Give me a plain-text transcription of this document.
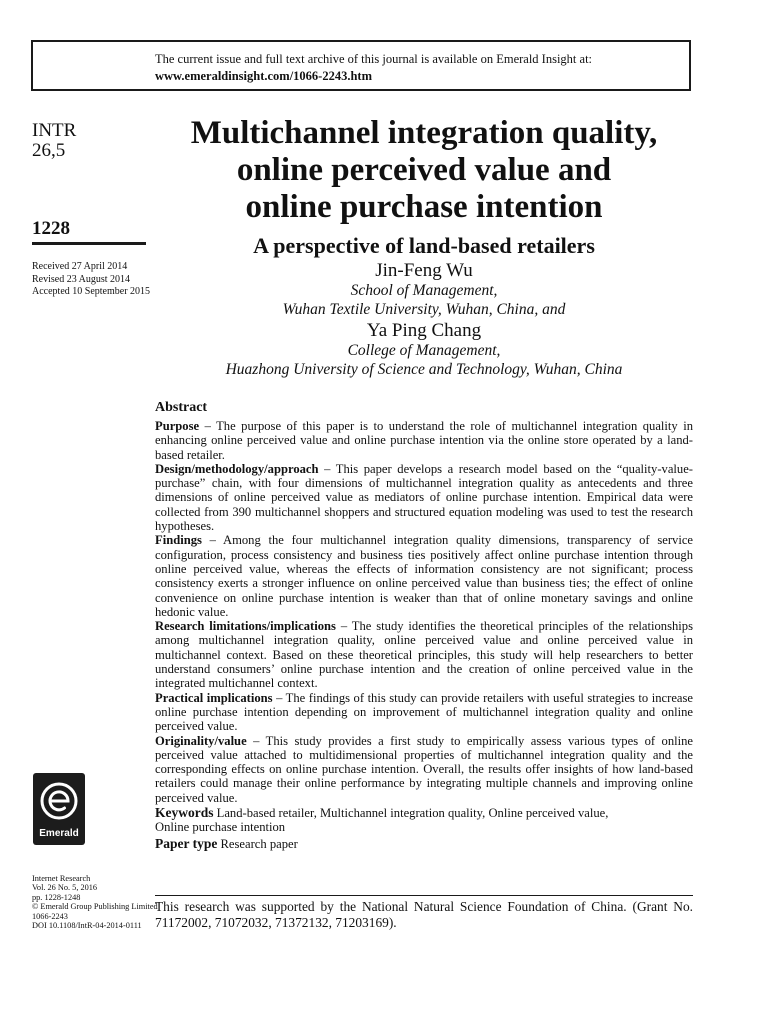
The current issue and full text archive of this journal is available on Emerald Insight at:
www.emeraldinsight.com/1066-2243.htm
INTR
26,5
1228
Received 27 April 2014
Revised 23 August 2014
Accepted 10 September 2015
Multichannel integration quality,
online perceived value and
online purchase intention
A perspective of land-based retailers
Jin-Feng Wu
School of Management,
Wuhan Textile University, Wuhan, China, and
Ya Ping Chang
College of Management,
Huazhong University of Science and Technology, Wuhan, China
Abstract
Purpose – The purpose of this paper is to understand the role of multichannel integration quality in enhancing online perceived value and online purchase intention via the online store operated by a land-based retailer.
Design/methodology/approach – This paper develops a research model based on the “quality-value-purchase” chain, with four dimensions of multichannel integration quality as antecedents and three dimensions of online perceived value as mediators of online purchase intention. Empirical data were collected from 390 multichannel shoppers and structured equation modeling was used to test the research hypotheses.
Findings – Among the four multichannel integration quality dimensions, transparency of service configuration, process consistency and business ties positively affect online purchase intention through online perceived value, whereas the effects of information consistency are not significant; process consistency exerts a stronger influence on online perceived value than business ties; the effect of online convenience on online purchase intention is weaker than that of online monetary savings and online hedonic value.
Research limitations/implications – The study identifies the theoretical principles of the relationships among multichannel integration quality, online perceived value and online perceived value in multichannel context. Based on these theoretical principles, this study will help researchers to better understand consumers’ online purchase intention and the creation of online perceived value in the integrated multichannel context.
Practical implications – The findings of this study can provide retailers with useful strategies to increase online purchase intention depending on improvement of multichannel integration quality and online perceived value.
Originality/value – This study provides a first study to empirically assess various types of online perceived value attached to multidimensional properties of multichannel integration quality and the corresponding effects on online purchase intention. Overall, the results offer insights of how land-based retailers could manage their online performance by integrating multiple channels and improving online perceived value.
Keywords Land-based retailer, Multichannel integration quality, Online perceived value,
Online purchase intention
Paper type Research paper
Emerald
Internet Research
Vol. 26 No. 5, 2016
pp. 1228-1248
© Emerald Group Publishing Limited
1066-2243
DOI 10.1108/IntR-04-2014-0111
This research was supported by the National Natural Science Foundation of China. (Grant No. 71172002, 71072032, 71372132, 71203169).
